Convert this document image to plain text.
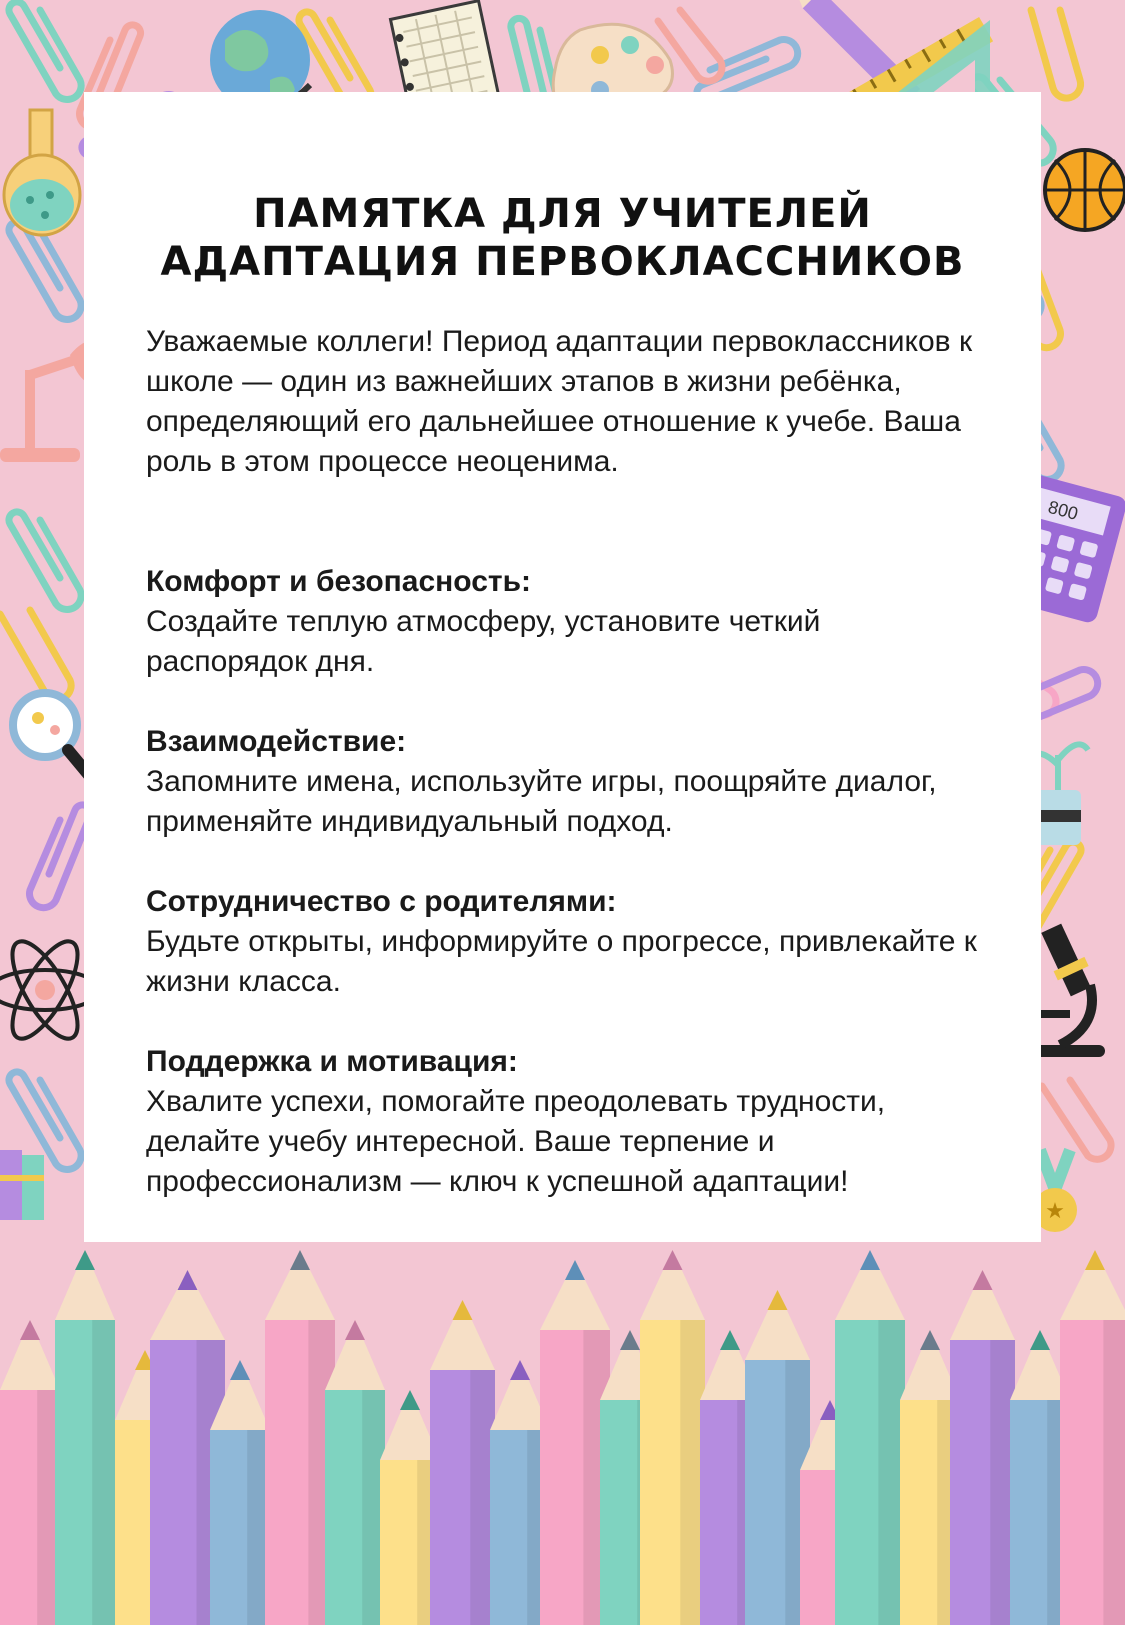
800
★
ПАМЯТКА ДЛЯ УЧИТЕЛЕЙ
АДАПТАЦИЯ ПЕРВОКЛАССНИКОВ

Уважаемые коллеги! Период адаптации первоклассников к школе — один из важнейших этапов в жизни ребёнка, определяющий его дальнейшее отношение к учебе. Ваша роль в этом процессе неоценима.

Комфорт и безопасность:
Создайте теплую атмосферу, установите четкий распорядок дня.
Взаимодействие:
Запомните имена, используйте игры, поощряйте диалог, применяйте индивидуальный подход.
Сотрудничество с родителями:
Будьте открыты, информируйте о прогрессе, привлекайте к жизни класса.
Поддержка и мотивация:
Хвалите успехи, помогайте преодолевать трудности, делайте учебу интересной. Ваше терпение и профессионализм — ключ к успешной адаптации!
